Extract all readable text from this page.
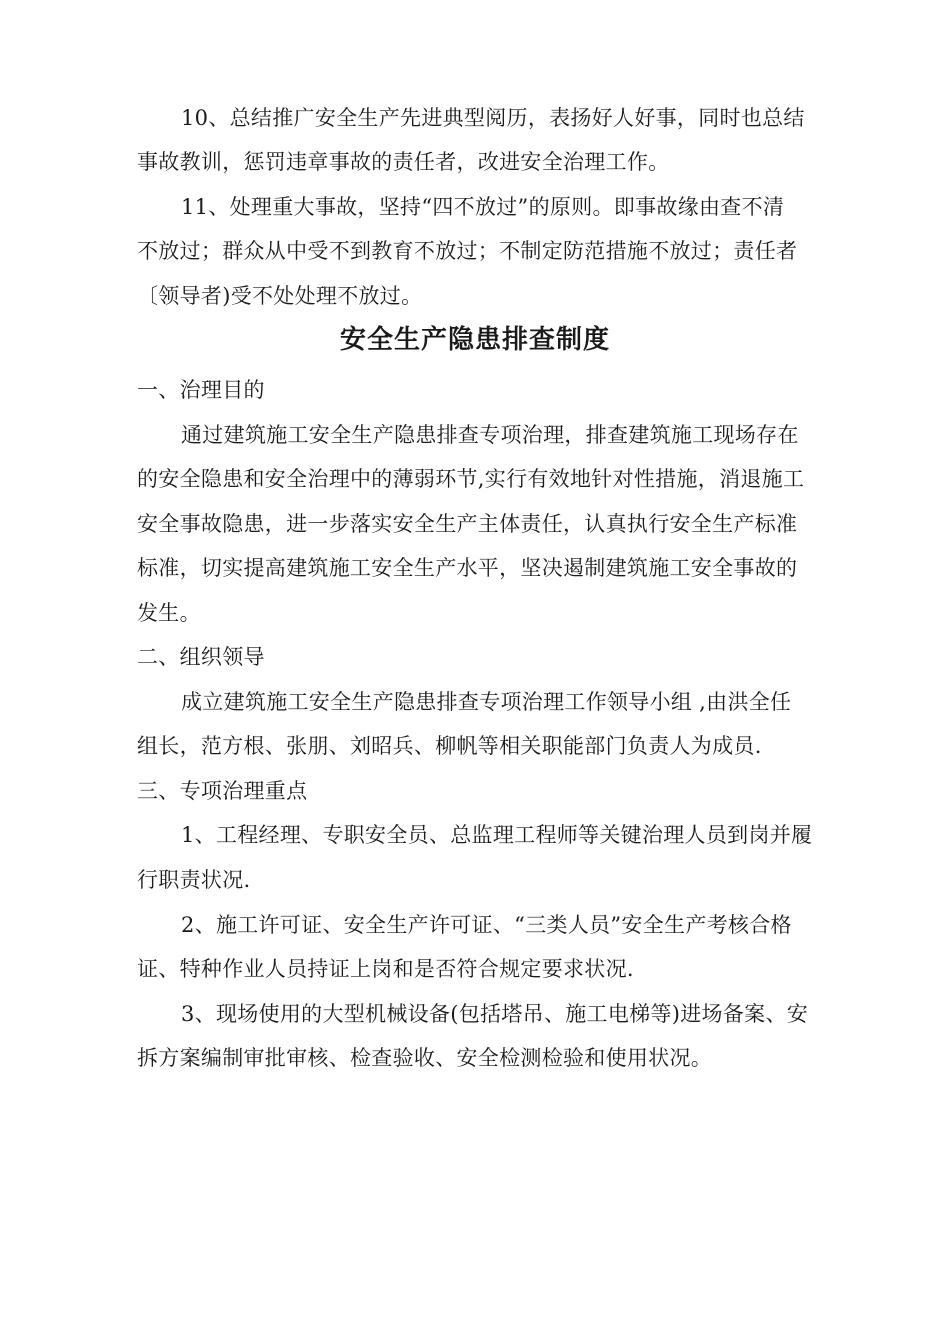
10、总结推广安全生产先进典型阅历，表扬好人好事，同时也总结
事故教训，惩罚违章事故的责任者，改进安全治理工作。
11、处理重大事故，坚持“四不放过”的原则。即事故缘由查不清
不放过；群众从中受不到教育不放过；不制定防范措施不放过；责任者
〔领导者)受不处处理不放过。
安全生产隐患排查制度
一、治理目的
通过建筑施工安全生产隐患排查专项治理，排查建筑施工现场存在
的安全隐患和安全治理中的薄弱环节,实行有效地针对性措施，消退施工
安全事故隐患，进一步落实安全生产主体责任，认真执行安全生产标准
标准，切实提高建筑施工安全生产水平，坚决遏制建筑施工安全事故的
发生。
二、组织领导
成立建筑施工安全生产隐患排查专项治理工作领导小组 ,由洪全任
组长，范方根、张朋、刘昭兵、柳帆等相关职能部门负责人为成员.
三、专项治理重点
1、工程经理、专职安全员、总监理工程师等关键治理人员到岗并履
行职责状况.
2、施工许可证、安全生产许可证、“三类人员”安全生产考核合格
证、特种作业人员持证上岗和是否符合规定要求状况.
3、现场使用的大型机械设备(包括塔吊、施工电梯等)进场备案、安
拆方案编制审批审核、检查验收、安全检测检验和使用状况。
